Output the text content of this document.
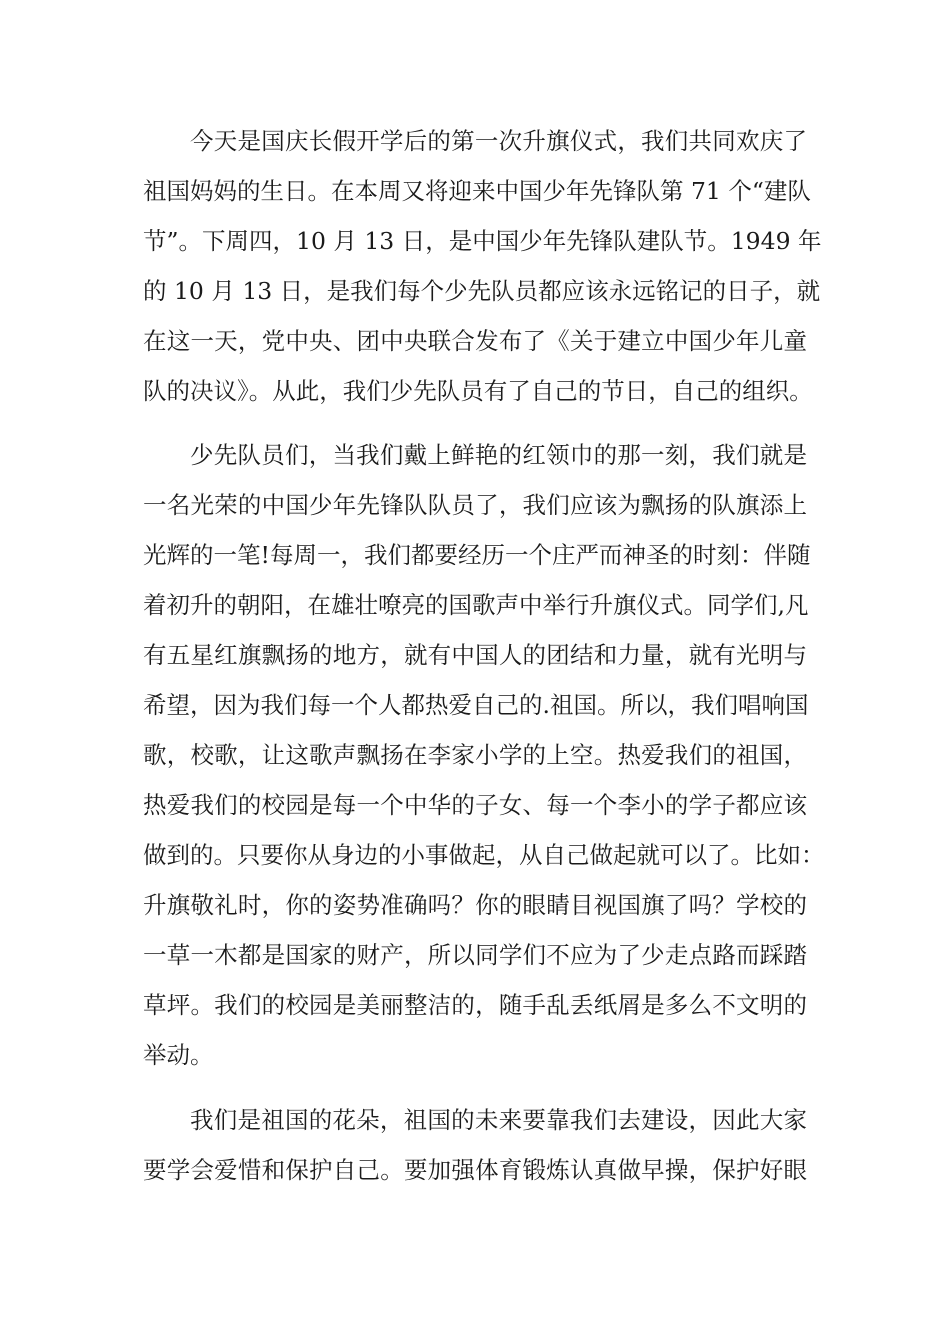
今天是国庆长假开学后的第一次升旗仪式，我们共同欢庆了
祖国妈妈的生日。在本周又将迎来中国少年先锋队第 71 个“建队
节”。下周四，10 月 13 日，是中国少年先锋队建队节。1949 年
的 10 月 13 日，是我们每个少先队员都应该永远铭记的日子，就
在这一天，党中央、团中央联合发布了《关于建立中国少年儿童
队的决议》。从此，我们少先队员有了自己的节日，自己的组织。
少先队员们，当我们戴上鲜艳的红领巾的那一刻，我们就是
一名光荣的中国少年先锋队队员了，我们应该为飘扬的队旗添上
光辉的一笔!每周一，我们都要经历一个庄严而神圣的时刻：伴随
着初升的朝阳，在雄壮嘹亮的国歌声中举行升旗仪式。同学们,凡
有五星红旗飘扬的地方，就有中国人的团结和力量，就有光明与
希望，因为我们每一个人都热爱自己的.祖国。所以，我们唱响国
歌，校歌，让这歌声飘扬在李家小学的上空。热爱我们的祖国，
热爱我们的校园是每一个中华的子女、每一个李小的学子都应该
做到的。只要你从身边的小事做起，从自己做起就可以了。比如：
升旗敬礼时，你的姿势准确吗？你的眼睛目视国旗了吗？学校的
一草一木都是国家的财产，所以同学们不应为了少走点路而踩踏
草坪。我们的校园是美丽整洁的，随手乱丢纸屑是多么不文明的
举动。
我们是祖国的花朵，祖国的未来要靠我们去建设，因此大家
要学会爱惜和保护自己。要加强体育锻炼认真做早操，保护好眼
